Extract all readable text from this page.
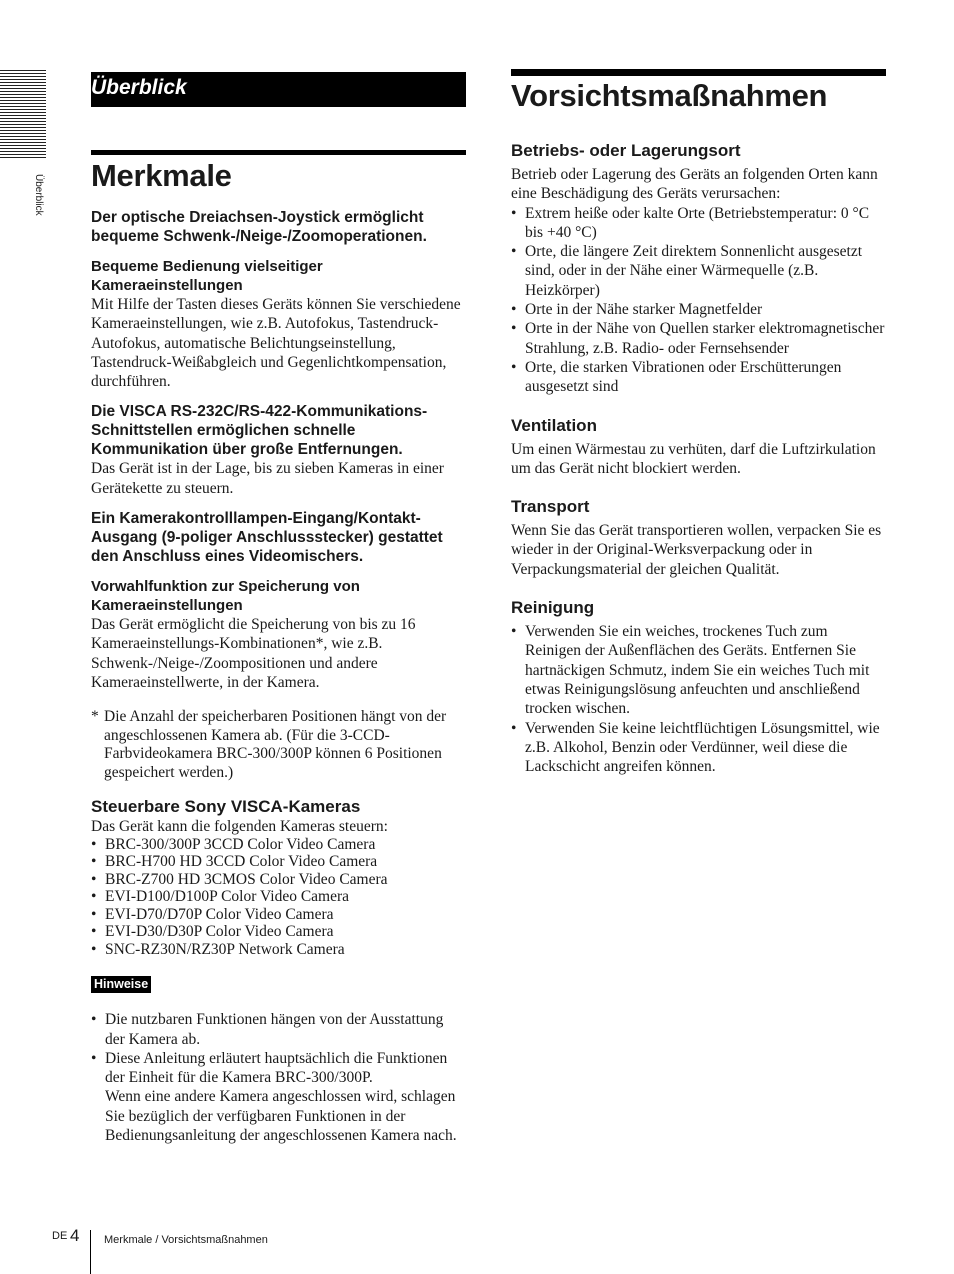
Überblick
Überblick
Merkmale

Der optische Dreiachsen-Joystick ermöglicht bequeme Schwenk-/Neige-/Zoomoperationen.

Bequeme Bedienung vielseitiger Kameraeinstellungen

Mit Hilfe der Tasten dieses Geräts können Sie verschiedene Kameraeinstellungen, wie z.B. Autofokus, Tastendruck-Autofokus, automatische Belichtungseinstellung, Tastendruck-Weißabgleich und Gegenlichtkompensation, durchführen.

Die VISCA RS-232C/RS-422-Kommunikations-Schnittstellen ermöglichen schnelle Kommunikation über große Entfernungen.

Das Gerät ist in der Lage, bis zu sieben Kameras in einer Gerätekette zu steuern.

Ein Kamerakontrolllampen-Eingang/Kontakt-Ausgang (9-poliger Anschlussstecker) gestattet den Anschluss eines Videomischers.

Vorwahlfunktion zur Speicherung von Kameraeinstellungen

Das Gerät ermöglicht die Speicherung von bis zu 16 Kameraeinstellungs-Kombinationen*, wie z.B. Schwenk-/Neige-/Zoompositionen und andere Kameraeinstellwerte, in der Kamera.

* Die Anzahl der speicherbaren Positionen hängt von der angeschlossenen Kamera ab. (Für die 3-CCD-Farbvideokamera BRC-300/300P können 6 Positionen gespeichert werden.)

Steuerbare Sony VISCA-Kameras

Das Gerät kann die folgenden Kameras steuern:

• BRC-300/300P 3CCD Color Video Camera
• BRC-H700 HD 3CCD Color Video Camera
• BRC-Z700 HD 3CMOS Color Video Camera
• EVI-D100/D100P Color Video Camera
• EVI-D70/D70P Color Video Camera
• EVI-D30/D30P Color Video Camera
• SNC-RZ30N/RZ30P Network Camera
Hinweise
• Die nutzbaren Funktionen hängen von der Ausstattung der Kamera ab.
• Diese Anleitung erläutert hauptsächlich die Funktionen der Einheit für die Kamera BRC-300/300P.
Wenn eine andere Kamera angeschlossen wird, schlagen Sie bezüglich der verfügbaren Funktionen in der Bedienungsanleitung der angeschlossenen Kamera nach.
Vorsichtsmaßnahmen

Betriebs- oder Lagerungsort

Betrieb oder Lagerung des Geräts an folgenden Orten kann eine Beschädigung des Geräts verursachen:

• Extrem heiße oder kalte Orte (Betriebstemperatur: 0 °C bis +40 °C)
• Orte, die längere Zeit direktem Sonnenlicht ausgesetzt sind, oder in der Nähe einer Wärmequelle (z.B. Heizkörper)
• Orte in der Nähe starker Magnetfelder
• Orte in der Nähe von Quellen starker elektromagnetischer Strahlung, z.B. Radio- oder Fernsehsender
• Orte, die starken Vibrationen oder Erschütterungen ausgesetzt sind

Ventilation

Um einen Wärmestau zu verhüten, darf die Luftzirkulation um das Gerät nicht blockiert werden.

Transport

Wenn Sie das Gerät transportieren wollen, verpacken Sie es wieder in der Original-Werksverpackung oder in Verpackungsmaterial der gleichen Qualität.

Reinigung

• Verwenden Sie ein weiches, trockenes Tuch zum Reinigen der Außenflächen des Geräts. Entfernen Sie hartnäckigen Schmutz, indem Sie ein weiches Tuch mit etwas Reinigungslösung anfeuchten und anschließend trocken wischen.
• Verwenden Sie keine leichtflüchtigen Lösungsmittel, wie z.B. Alkohol, Benzin oder Verdünner, weil diese die Lackschicht angreifen können.
DE 4 Merkmale / Vorsichtsmaßnahmen
